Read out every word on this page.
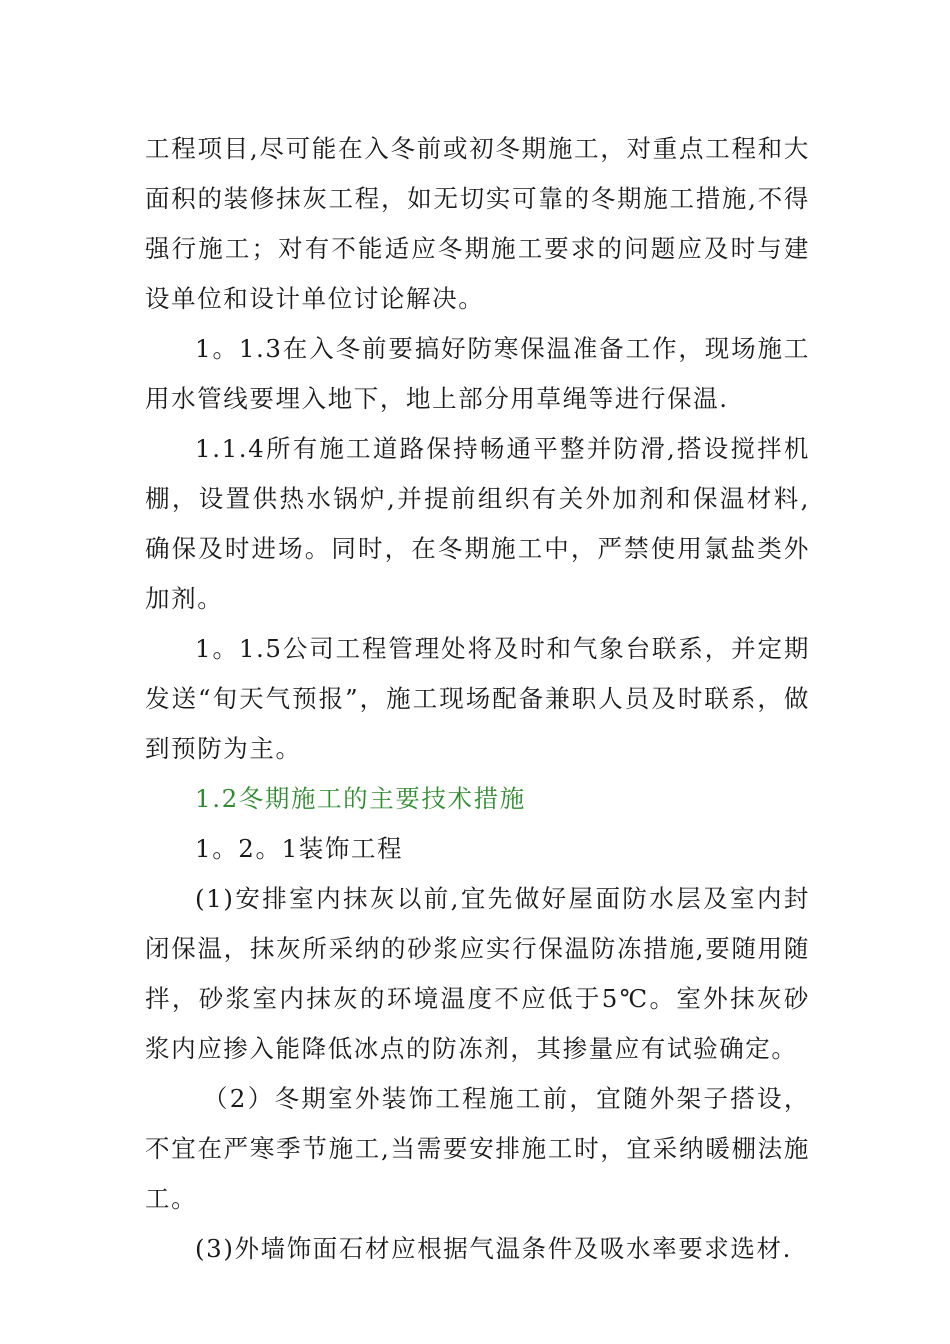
工程项目,尽可能在入冬前或初冬期施工，对重点工程和大面积的装修抹灰工程，如无切实可靠的冬期施工措施,不得强行施工；对有不能适应冬期施工要求的问题应及时与建设单位和设计单位讨论解决。

1。1.3在入冬前要搞好防寒保温准备工作，现场施工用水管线要埋入地下，地上部分用草绳等进行保温.

1.1.4所有施工道路保持畅通平整并防滑,搭设搅拌机棚，设置供热水锅炉,并提前组织有关外加剂和保温材料,确保及时进场。同时，在冬期施工中，严禁使用氯盐类外加剂。

1。1.5公司工程管理处将及时和气象台联系，并定期发送“旬天气预报”，施工现场配备兼职人员及时联系，做到预防为主。

1.2冬期施工的主要技术措施

1。2。1装饰工程

(1)安排室内抹灰以前,宜先做好屋面防水层及室内封闭保温，抹灰所采纳的砂浆应实行保温防冻措施,要随用随拌，砂浆室内抹灰的环境温度不应低于5℃。室外抹灰砂浆内应掺入能降低冰点的防冻剂，其掺量应有试验确定。

（2）冬期室外装饰工程施工前，宜随外架子搭设，不宜在严寒季节施工,当需要安排施工时，宜采纳暖棚法施工。

(3)外墙饰面石材应根据气温条件及吸水率要求选材.
